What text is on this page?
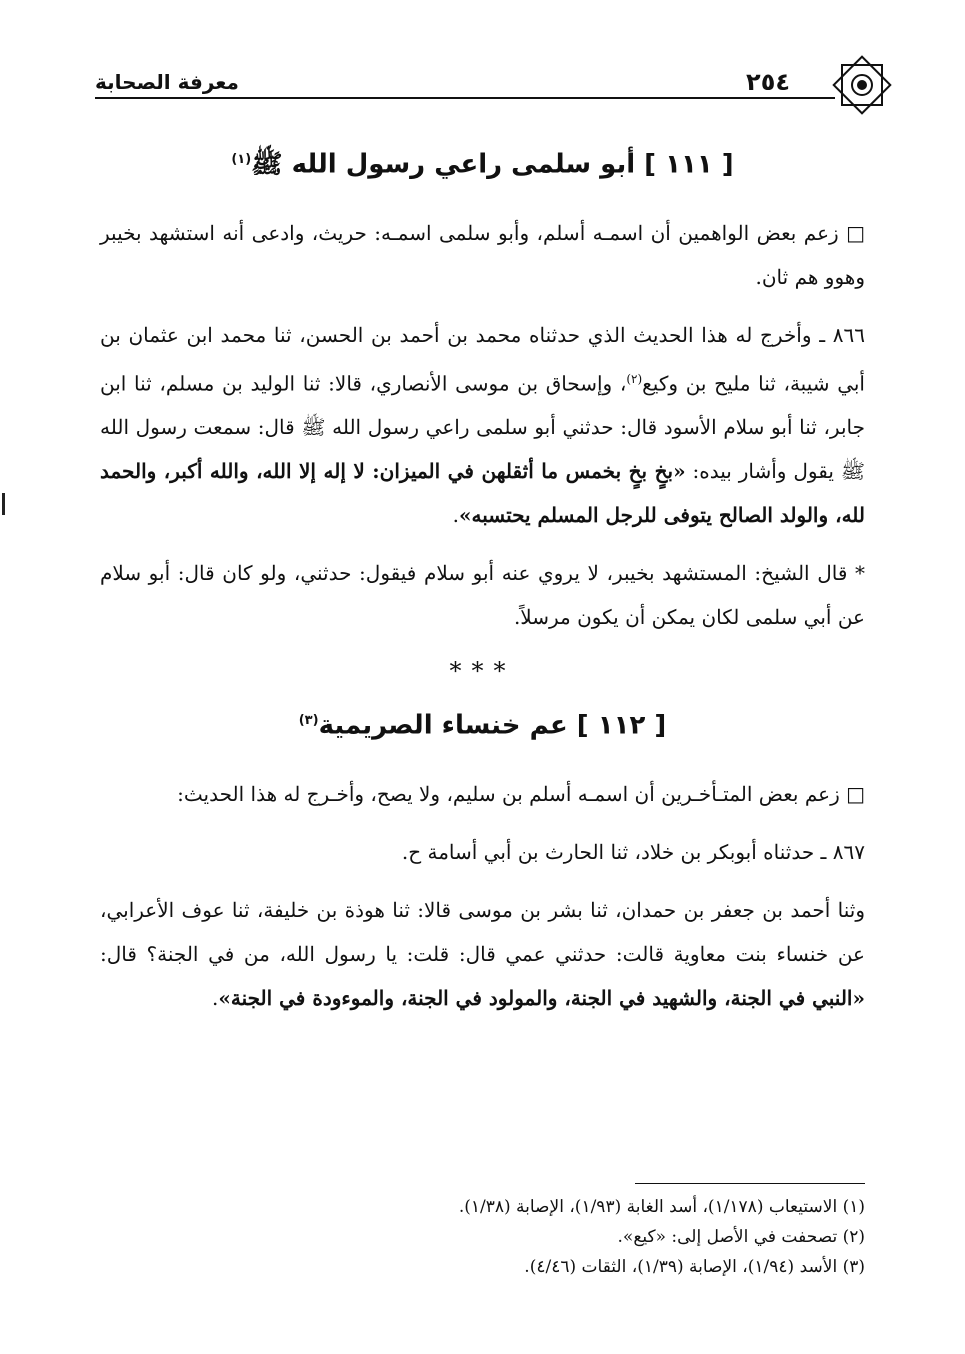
٢٥٤
معرفة الصحابة
[ ١١١ ] أبو سلمى راعي رسول الله ﷺ$^{(١)}$

□ زعم بعض الواهمين أن اسمـه أسلم، وأبو سلمى اسمـه: حريث، وادعى أنه استشهد بخيبر وهوو هم ثان.

٨٦٦ ـ وأخرج له هذا الحديث الذي حدثناه محمد بن أحمد بن الحسن، ثنا محمد ابن عثمان بن أبي شيبة، ثنا مليح بن وكيع$^{(٢)}$، وإسحاق بن موسى الأنصاري، قالا: ثنا الوليد بن مسلم، ثنا ابن جابر، ثنا أبو سلام الأسود قال: حدثني أبو سلمى راعي رسول الله ﷺ قال: سمعت رسول الله ﷺ يقول وأشار بيده: «بخٍ بخٍ بخمس ما أثقلهن في الميزان: لا إله إلا الله، والله أكبر، والحمد لله، والولد الصالح يتوفى للرجل المسلم يحتسبه».

* قال الشيخ: المستشهد بخيبر، لا يروي عنه أبو سلام فيقول: حدثني، ولو كان قال: أبو سلام عن أبي سلمى لكان يمكن أن يكون مرسلاً.

***
[ ١١٢ ] عم خنساء الصريمية$^{(٣)}$

□ زعم بعض المتـأخـرين أن اسمـه أسلم بن سليم، ولا يصح، وأخـرج له هذا الحديث:

٨٦٧ ـ حدثناه أبوبكر بن خلاد، ثنا الحارث بن أبي أسامة ح.

وثنا أحمد بن جعفر بن حمدان، ثنا بشر بن موسى قالا: ثنا هوذة بن خليفة، ثنا عوف الأعرابي، عن خنساء بنت معاوية قالت: حدثني عمي قال: قلت: يا رسول الله، من في الجنة؟ قال: «النبي في الجنة، والشهيد في الجنة، والمولود في الجنة، والموءودة في الجنة».

(١) الاستيعاب (١/١٧٨)، أسد الغابة (١/٩٣)، الإصابة (١/٣٨).
(٢) تصحفت في الأصل إلى: «كيع».
(٣) الأسد (١/٩٤)، الإصابة (١/٣٩)، الثقات (٤/٤٦).
